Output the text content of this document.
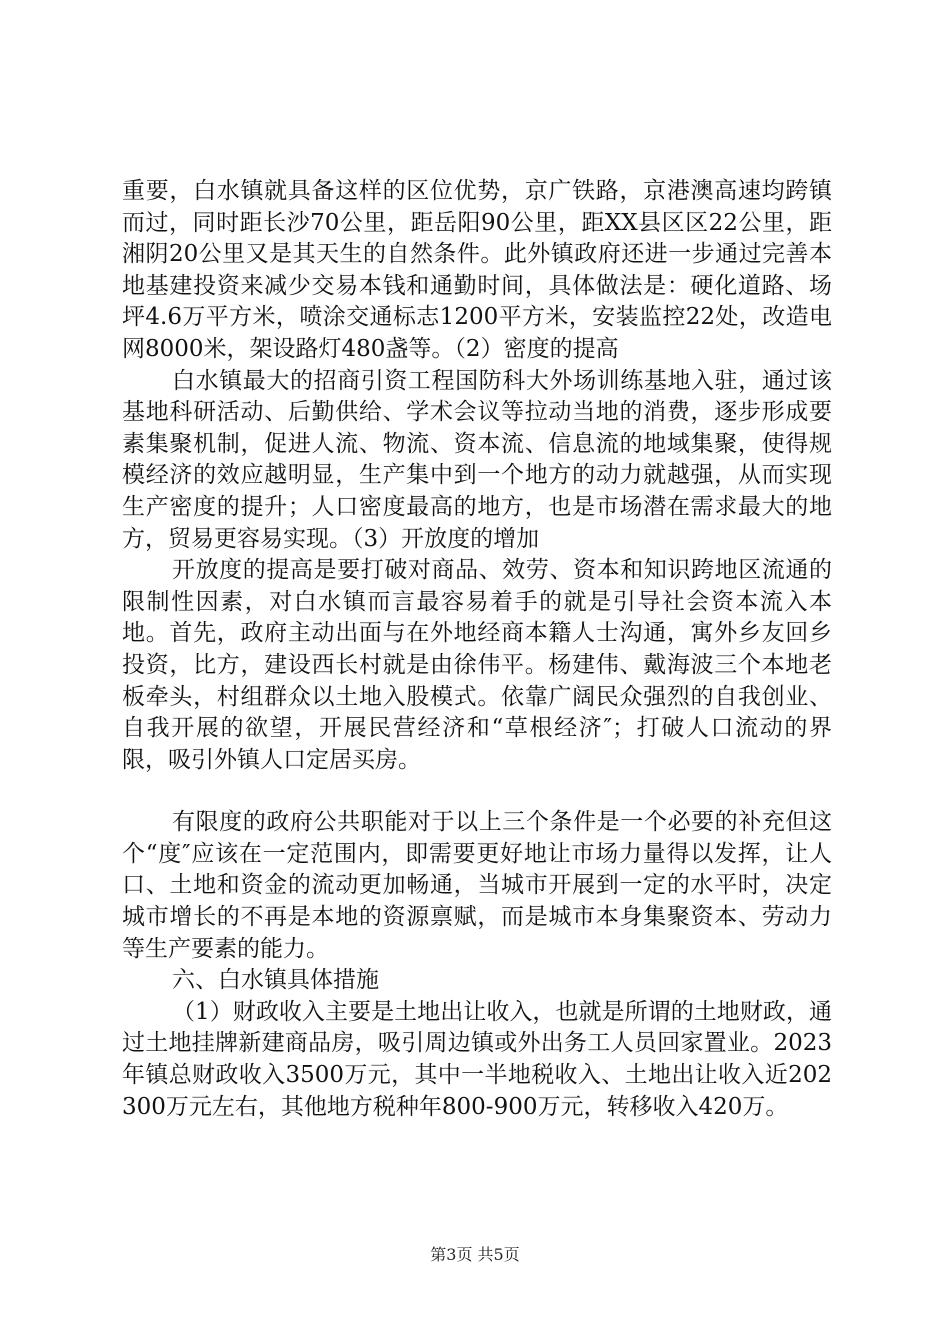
重要，白水镇就具备这样的区位优势，京广铁路，京港澳高速均跨镇而过，同时距长沙70公里，距岳阳90公里，距XX县区区22公里，距湘阴20公里又是其天生的自然条件。此外镇政府还进一步通过完善本地基建投资来减少交易本钱和通勤时间，具体做法是：硬化道路、场坪4.6万平方米，喷涂交通标志1200平方米，安装监控22处，改造电网8000米，架设路灯480盏等。（2）密度的提高

白水镇最大的招商引资工程国防科大外场训练基地入驻，通过该基地科研活动、后勤供给、学术会议等拉动当地的消费，逐步形成要素集聚机制，促进人流、物流、资本流、信息流的地域集聚，使得规模经济的效应越明显，生产集中到一个地方的动力就越强，从而实现生产密度的提升；人口密度最高的地方，也是市场潜在需求最大的地方，贸易更容易实现。（3）开放度的增加

开放度的提高是要打破对商品、效劳、资本和知识跨地区流通的限制性因素，对白水镇而言最容易着手的就是引导社会资本流入本地。首先，政府主动出面与在外地经商本籍人士沟通，寓外乡友回乡投资，比方，建设西长村就是由徐伟平。杨建伟、戴海波三个本地老板牵头，村组群众以土地入股模式。依靠广阔民众强烈的自我创业、自我开展的欲望，开展民营经济和“草根经济″；打破人口流动的界限，吸引外镇人口定居买房。

有限度的政府公共职能对于以上三个条件是一个必要的补充但这个“度″应该在一定范围内，即需要更好地让市场力量得以发挥，让人口、土地和资金的流动更加畅通，当城市开展到一定的水平时，决定城市增长的不再是本地的资源禀赋，而是城市本身集聚资本、劳动力等生产要素的能力。

六、白水镇具体措施

（1）财政收入主要是土地出让收入，也就是所谓的土地财政，通过土地挂牌新建商品房，吸引周边镇或外出务工人员回家置业。2023年镇总财政收入3500万元，其中一半地税收入、土地出让收入近202300万元左右，其他地方税种年800-900万元，转移收入420万。

第3页 共5页
